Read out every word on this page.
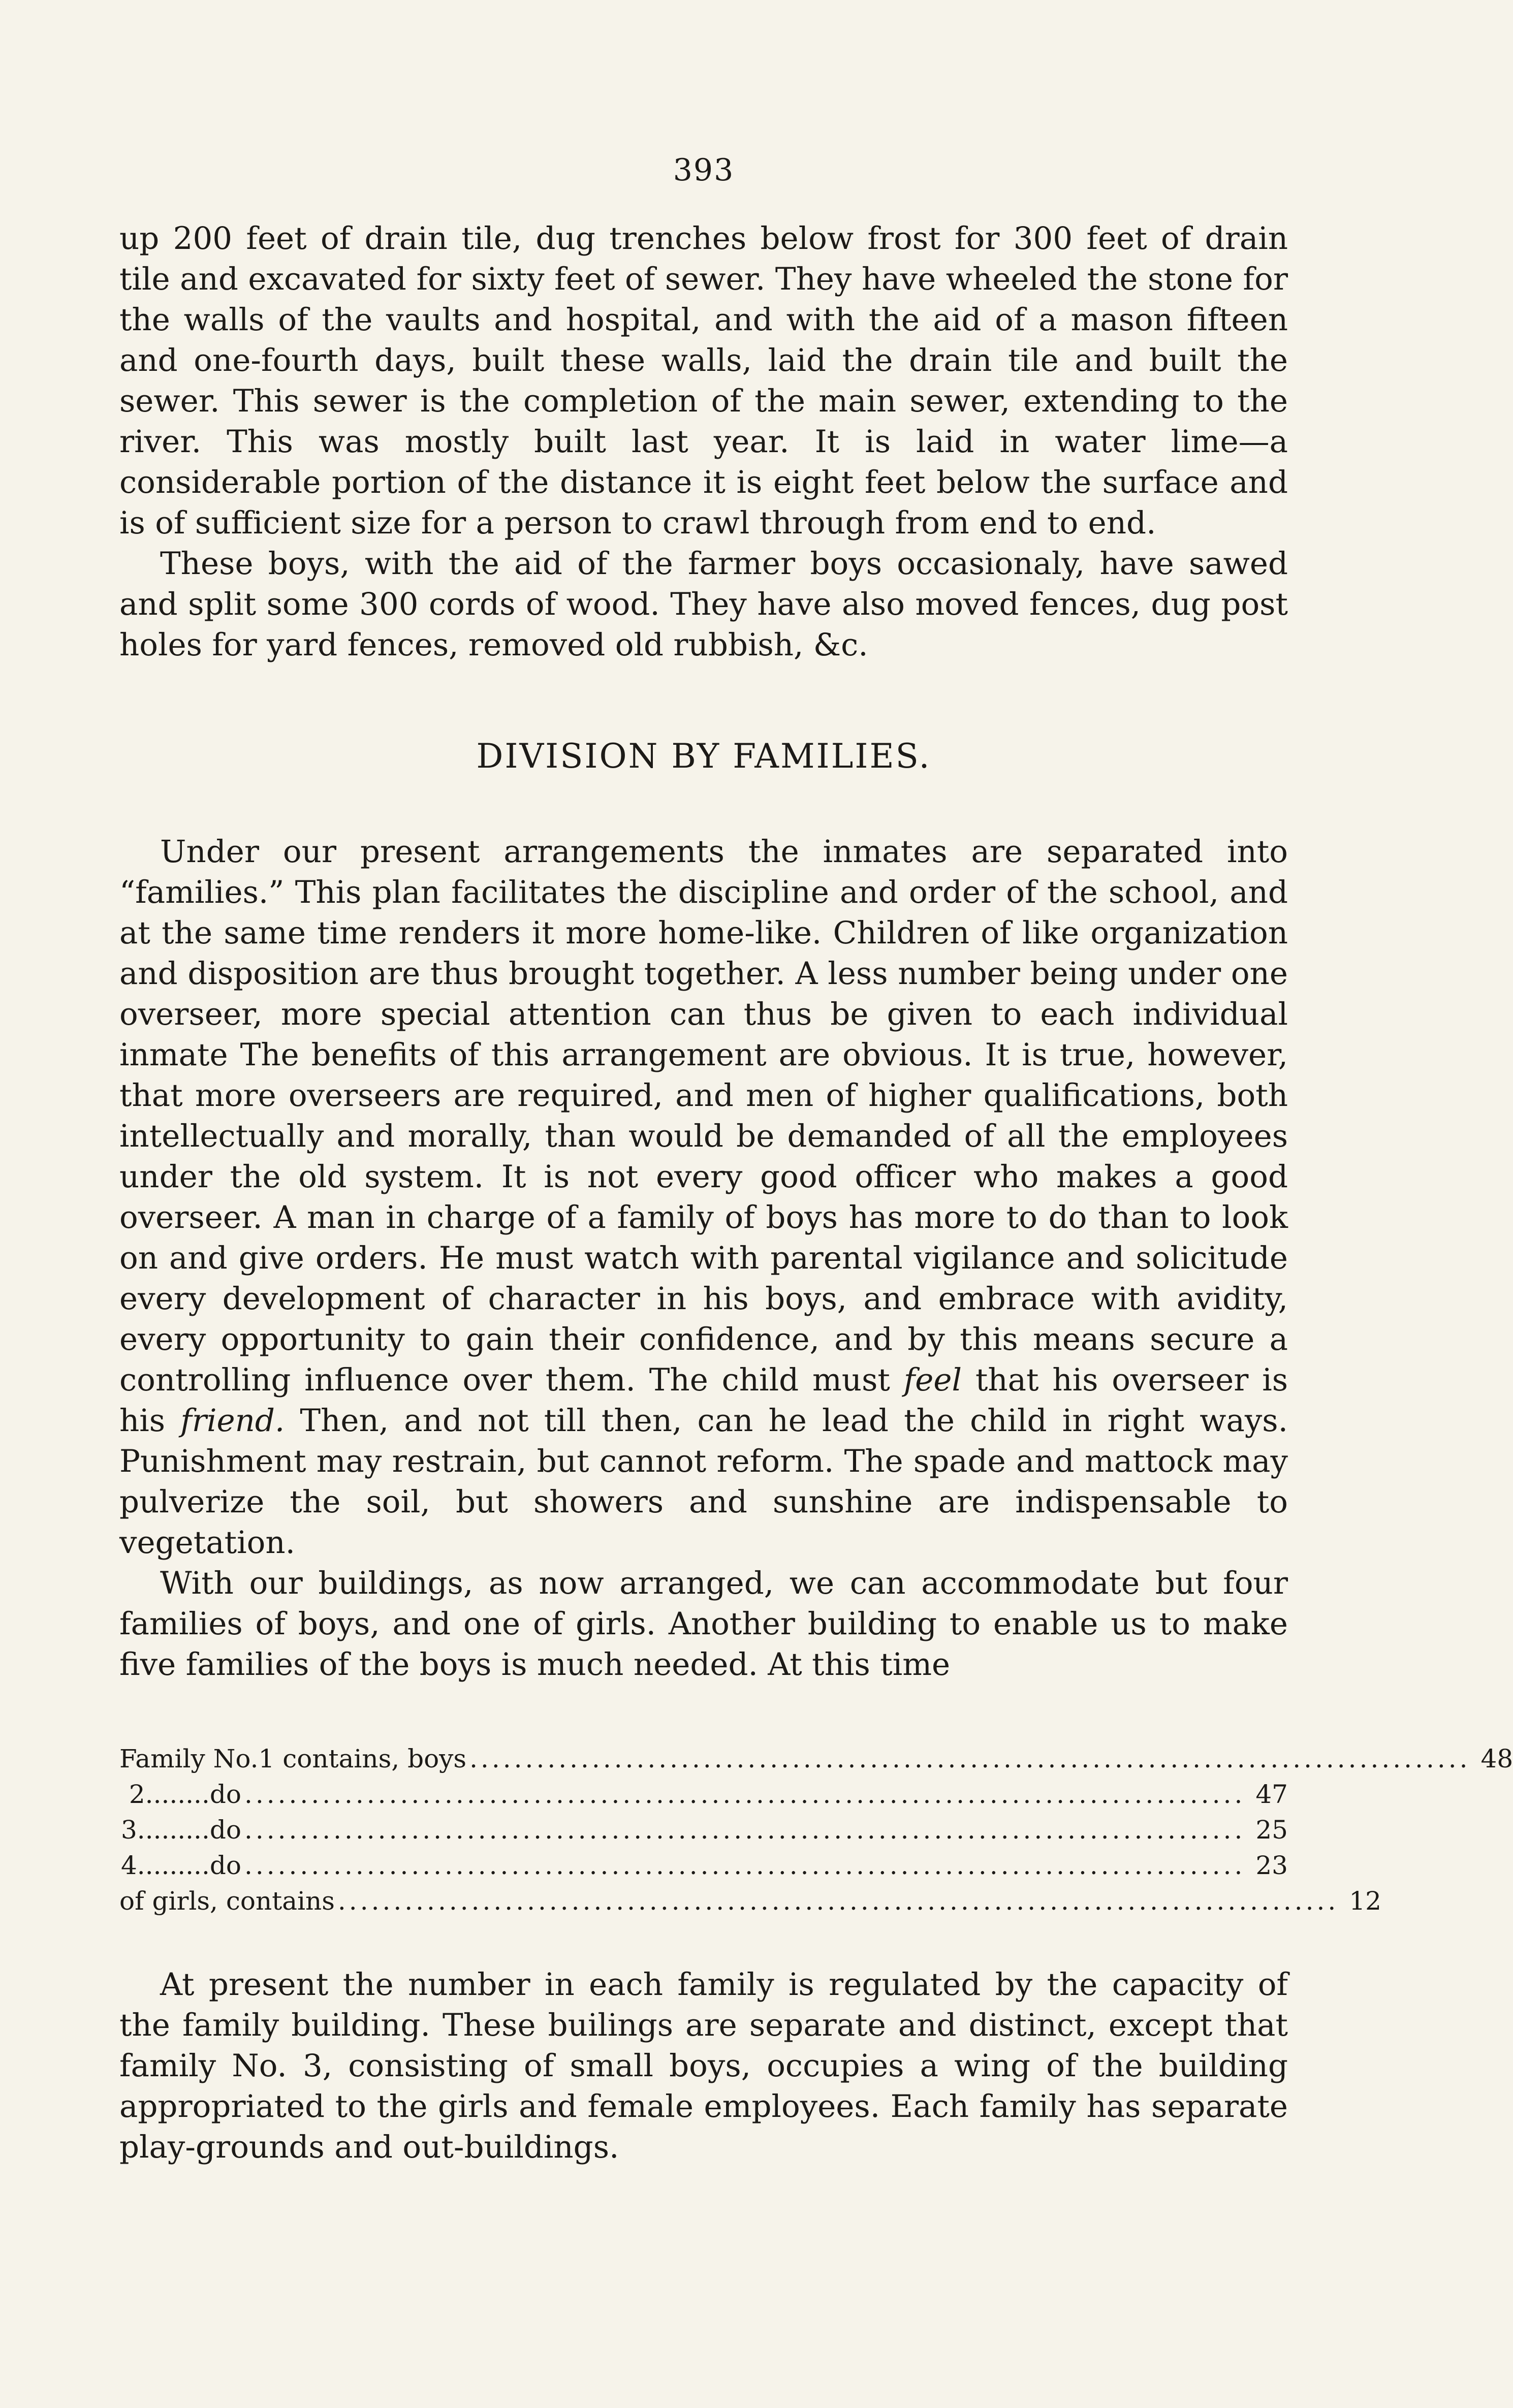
393

up 200 feet of drain tile, dug trenches below frost for 300 feet of drain tile and excavated for sixty feet of sewer. They have wheeled the stone for the walls of the vaults and hospital, and with the aid of a mason fifteen and one-fourth days, built these walls, laid the drain tile and built the sewer. This sewer is the completion of the main sewer, extending to the river. This was mostly built last year. It is laid in water lime—a considerable portion of the distance it is eight feet below the surface and is of sufficient size for a person to crawl through from end to end.

These boys, with the aid of the farmer boys occasionaly, have sawed and split some 300 cords of wood. They have also moved fences, dug post holes for yard fences, removed old rubbish, &c.

DIVISION BY FAMILIES.

Under our present arrangements the inmates are separated into “families.” This plan facilitates the discipline and order of the school, and at the same time renders it more home-like. Children of like organization and disposition are thus brought together. A less number being under one overseer, more special attention can thus be given to each individual inmate The benefits of this arrangement are obvious. It is true, however, that more overseers are required, and men of higher qualifications, both intellectually and morally, than would be demanded of all the employees under the old system. It is not every good officer who makes a good overseer. A man in charge of a family of boys has more to do than to look on and give orders. He must watch with parental vigilance and solicitude every development of character in his boys, and embrace with avidity, every opportunity to gain their confidence, and by this means secure a controlling influence over them. The child must feel that his overseer is his friend. Then, and not till then, can he lead the child in right ways. Punishment may restrain, but cannot reform. The spade and mattock may pulverize the soil, but showers and sunshine are indispensable to vegetation.

With our buildings, as now arranged, we can accommodate but four families of boys, and one of girls. Another building to enable us to make five families of the boys is much needed. At this time

Family No. 1 contains, boys .......................................................................................... 48
2........do .......................................................................................... 47
3.........do .......................................................................................... 25
4.........do .......................................................................................... 23
of girls, contains .......................................................................................... 12

At present the number in each family is regulated by the capacity of the family building. These builings are separate and distinct, except that family No. 3, consisting of small boys, occupies a wing of the building appropriated to the girls and female employees. Each family has separate play-grounds and out-buildings.
